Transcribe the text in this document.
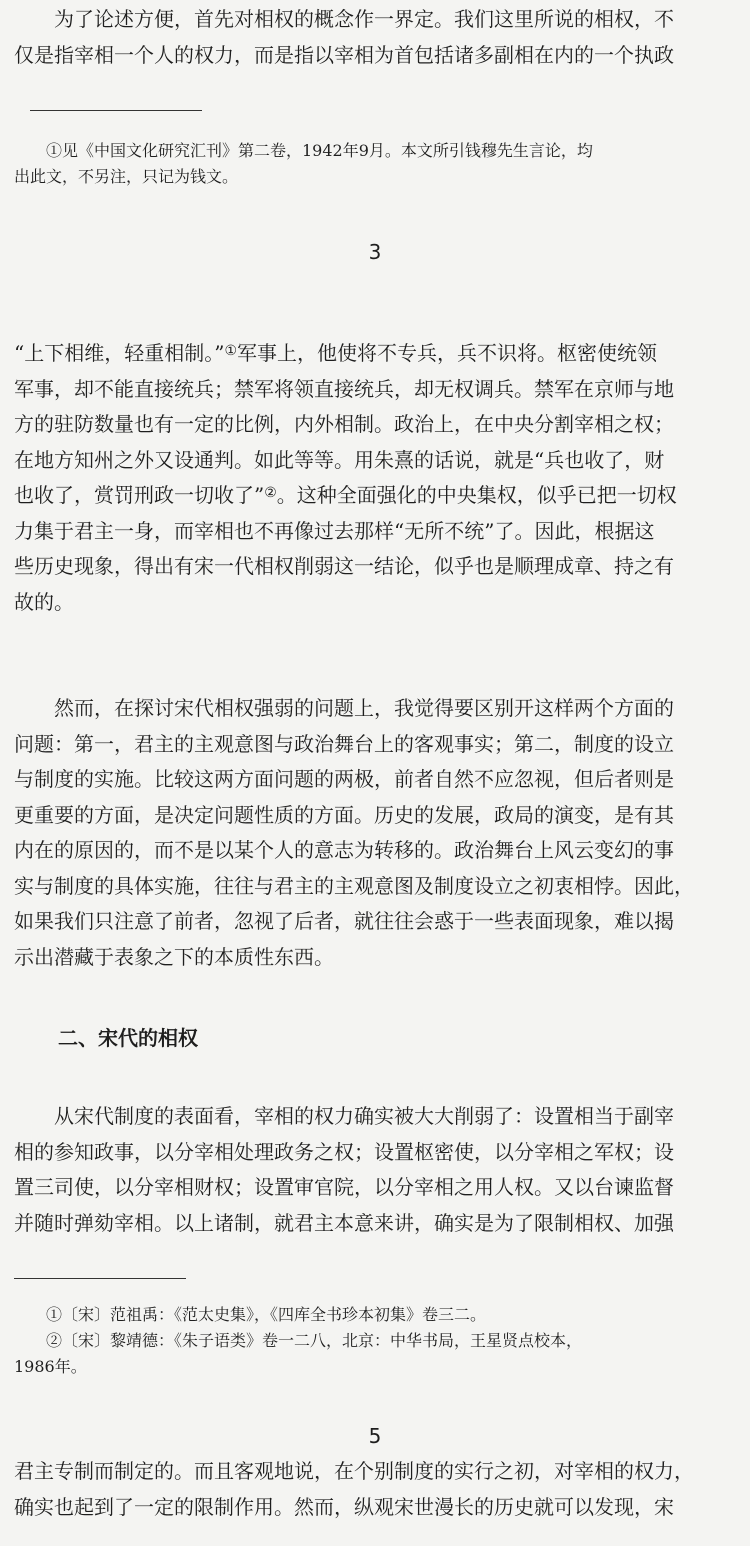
　　为了论述方便，首先对相权的概念作一界定。我们这里所说的相权，不
仅是指宰相一个人的权力，而是指以宰相为首包括诸多副相在内的一个执政
　　①见《中国文化研究汇刊》第二卷，1942年9月。本文所引钱穆先生言论，均
出此文，不另注，只记为钱文。
3
“上下相维，轻重相制。”①军事上，他使将不专兵，兵不识将。枢密使统领
军事，却不能直接统兵；禁军将领直接统兵，却无权调兵。禁军在京师与地
方的驻防数量也有一定的比例，内外相制。政治上，在中央分割宰相之权；
在地方知州之外又设通判。如此等等。用朱熹的话说，就是“兵也收了，财
也收了，赏罚刑政一切收了”②。这种全面强化的中央集权，似乎已把一切权
力集于君主一身，而宰相也不再像过去那样“无所不统”了。因此，根据这
些历史现象，得出有宋一代相权削弱这一结论，似乎也是顺理成章、持之有
故的。
　　然而，在探讨宋代相权强弱的问题上，我觉得要区别开这样两个方面的
问题：第一，君主的主观意图与政治舞台上的客观事实；第二，制度的设立
与制度的实施。比较这两方面问题的两极，前者自然不应忽视，但后者则是
更重要的方面，是决定问题性质的方面。历史的发展，政局的演变，是有其
内在的原因的，而不是以某个人的意志为转移的。政治舞台上风云变幻的事
实与制度的具体实施，往往与君主的主观意图及制度设立之初衷相悖。因此，
如果我们只注意了前者，忽视了后者，就往往会惑于一些表面现象，难以揭
示出潜藏于表象之下的本质性东西。
二、宋代的相权
　　从宋代制度的表面看，宰相的权力确实被大大削弱了：设置相当于副宰
相的参知政事，以分宰相处理政务之权；设置枢密使，以分宰相之军权；设
置三司使，以分宰相财权；设置审官院，以分宰相之用人权。又以台谏监督
并随时弹劾宰相。以上诸制，就君主本意来讲，确实是为了限制相权、加强
　　①〔宋〕范祖禹：《范太史集》，《四库全书珍本初集》卷三二。
　　②〔宋〕黎靖德：《朱子语类》卷一二八，北京：中华书局，王星贤点校本，
1986年。
5
君主专制而制定的。而且客观地说，在个别制度的实行之初，对宰相的权力，
确实也起到了一定的限制作用。然而，纵观宋世漫长的历史就可以发现，宋
